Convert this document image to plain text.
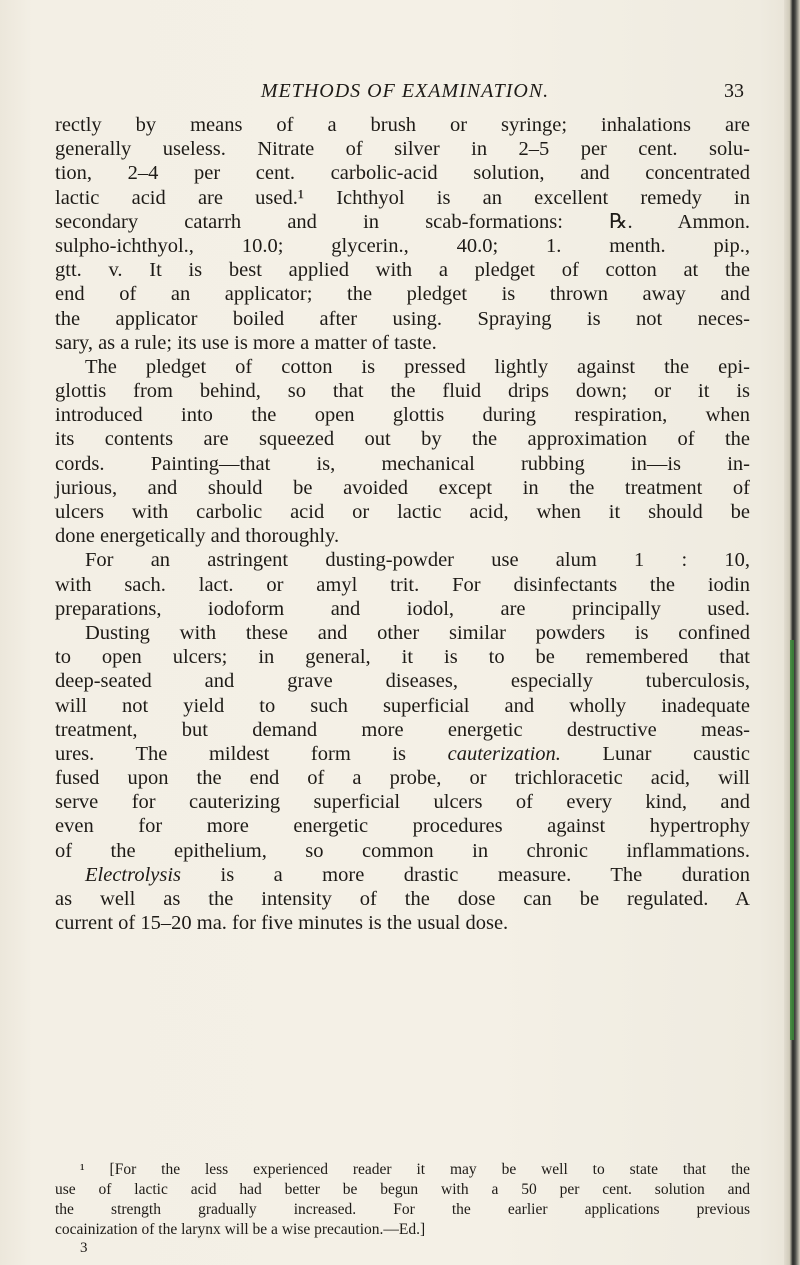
METHODS OF EXAMINATION.	33
rectly by means of a brush or syringe; inhalations are
generally useless. Nitrate of silver in 2–5 per cent. solu-
tion, 2–4 per cent. carbolic-acid solution, and concentrated
lactic acid are used.¹ Ichthyol is an excellent remedy in
secondary catarrh and in scab-formations: ℞. Ammon.
sulpho-ichthyol., 10.0; glycerin., 40.0; 1. menth. pip.,
gtt. v. It is best applied with a pledget of cotton at the
end of an applicator; the pledget is thrown away and
the applicator boiled after using. Spraying is not neces-
sary, as a rule; its use is more a matter of taste.
The pledget of cotton is pressed lightly against the epi-
glottis from behind, so that the fluid drips down; or it is
introduced into the open glottis during respiration, when
its contents are squeezed out by the approximation of the
cords. Painting—that is, mechanical rubbing in—is in-
jurious, and should be avoided except in the treatment of
ulcers with carbolic acid or lactic acid, when it should be
done energetically and thoroughly.
For an astringent dusting-powder use alum 1 : 10,
with sach. lact. or amyl trit. For disinfectants the iodin
preparations, iodoform and iodol, are principally used.
Dusting with these and other similar powders is confined
to open ulcers; in general, it is to be remembered that
deep-seated and grave diseases, especially tuberculosis,
will not yield to such superficial and wholly inadequate
treatment, but demand more energetic destructive meas-
ures. The mildest form is cauterization. Lunar caustic
fused upon the end of a probe, or trichloracetic acid, will
serve for cauterizing superficial ulcers of every kind, and
even for more energetic procedures against hypertrophy
of the epithelium, so common in chronic inflammations.
Electrolysis is a more drastic measure. The duration
as well as the intensity of the dose can be regulated. A
current of 15–20 ma. for five minutes is the usual dose.
¹ [For the less experienced reader it may be well to state that the
use of lactic acid had better be begun with a 50 per cent. solution and
the strength gradually increased. For the earlier applications previous
cocainization of the larynx will be a wise precaution.—Ed.]
3
